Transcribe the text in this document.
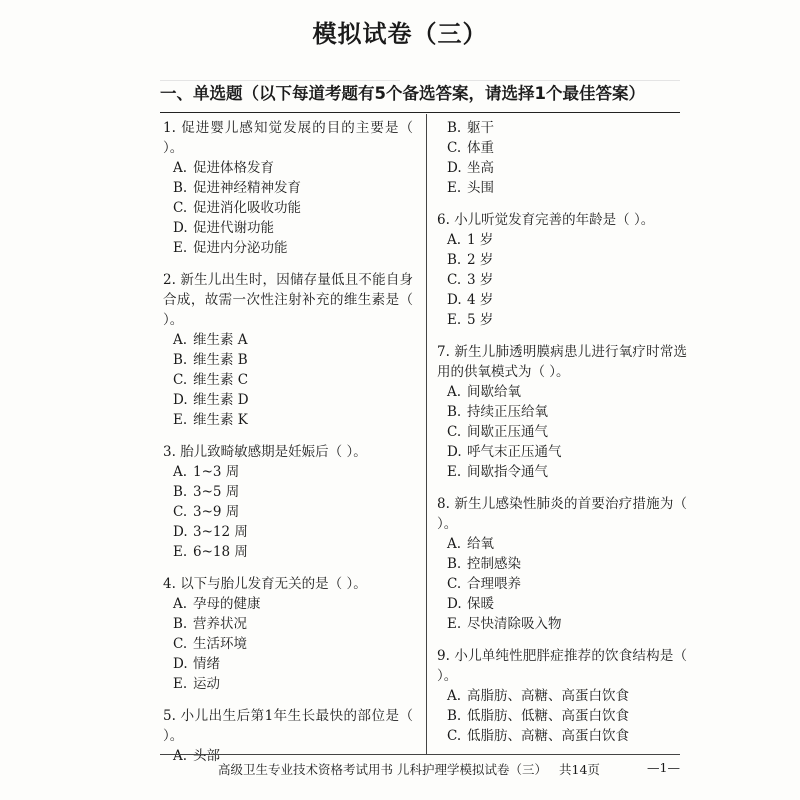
模拟试卷（三）
一、单选题（以下每道考题有5个备选答案，请选择1个最佳答案）
1. 促进婴儿感知觉发展的目的主要是（ ）。
A. 促进体格发育
B. 促进神经精神发育
C. 促进消化吸收功能
D. 促进代谢功能
E. 促进内分泌功能
2. 新生儿出生时，因储存量低且不能自身合成，故需一次性注射补充的维生素是（ ）。
A. 维生素 A
B. 维生素 B
C. 维生素 C
D. 维生素 D
E. 维生素 K
3. 胎儿致畸敏感期是妊娠后（ ）。
A. 1~3 周
B. 3~5 周
C. 3~9 周
D. 3~12 周
E. 6~18 周
4. 以下与胎儿发育无关的是（ ）。
A. 孕母的健康
B. 营养状况
C. 生活环境
D. 情绪
E. 运动
5. 小儿出生后第1年生长最快的部位是（ ）。
A. 头部
B. 躯干
C. 体重
D. 坐高
E. 头围
6. 小儿听觉发育完善的年龄是（ ）。
A. 1 岁
B. 2 岁
C. 3 岁
D. 4 岁
E. 5 岁
7. 新生儿肺透明膜病患儿进行氧疗时常选用的供氧模式为（ ）。
A. 间歇给氧
B. 持续正压给氧
C. 间歇正压通气
D. 呼气末正压通气
E. 间歇指令通气
8. 新生儿感染性肺炎的首要治疗措施为（ ）。
A. 给氧
B. 控制感染
C. 合理喂养
D. 保暖
E. 尽快清除吸入物
9. 小儿单纯性肥胖症推荐的饮食结构是（ ）。
A. 高脂肪、高糖、高蛋白饮食
B. 低脂肪、低糖、高蛋白饮食
C. 低脂肪、高糖、高蛋白饮食
高级卫生专业技术资格考试用书 儿科护理学模拟试卷（三） 共14页	—1—
